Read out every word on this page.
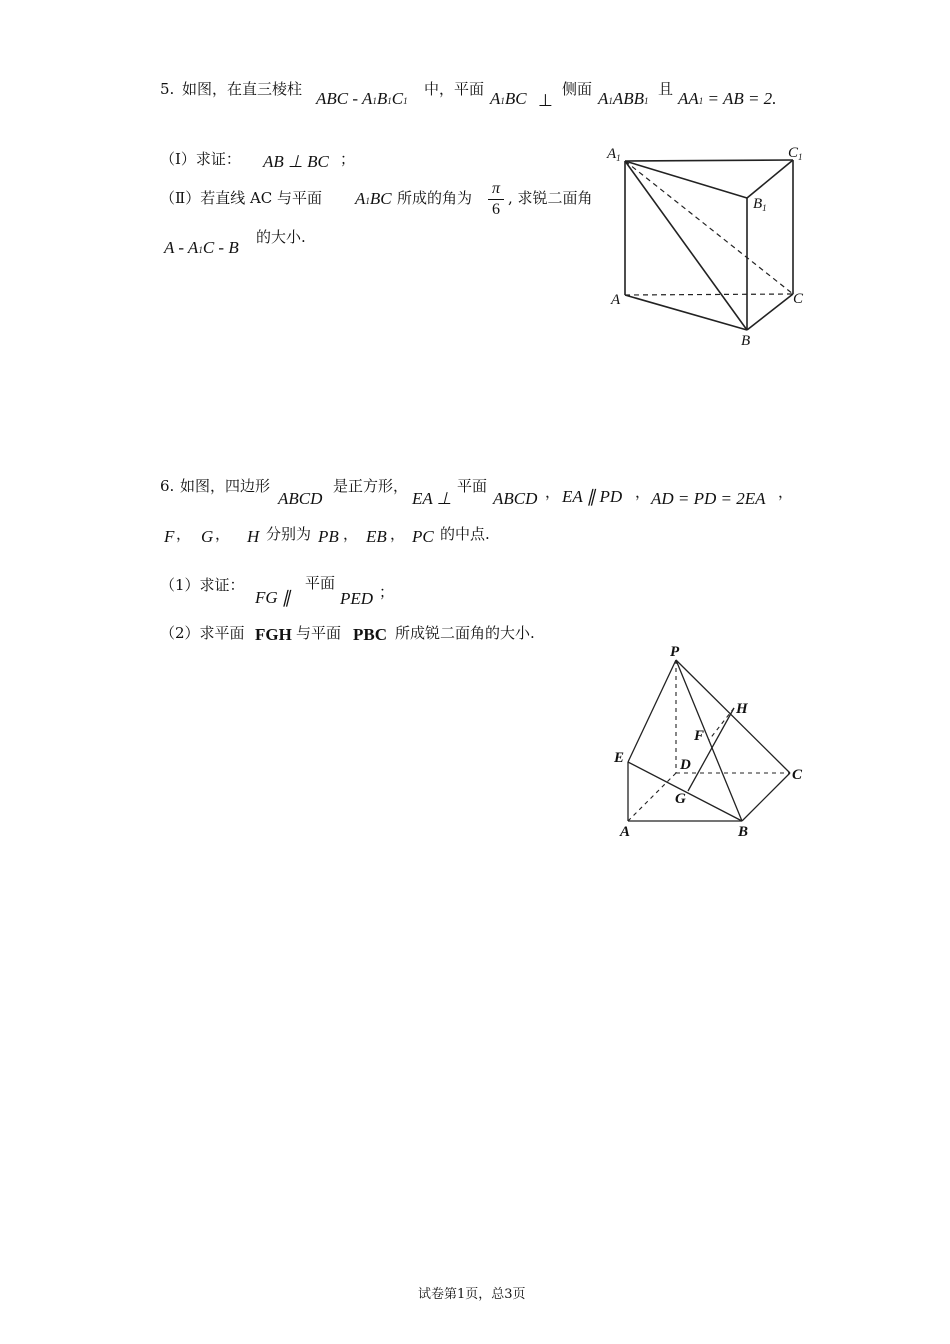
5. 如图，在直三棱柱 ABC - A1B1C1
中，平面 A1BC ⊥
侧面 A1ABB1
且 AA1 = AB = 2.
（Ⅰ）求证： AB ⊥ BC ；
（Ⅱ）若直线 AC 与平面 A1BC 所成的角为
π
6
, 求锐二面角
A - A1C - B
的大小.
$A_1$	$C_1$
$B_1$
A
B
C
6. 如图，四边形
ABCD
是正方形，
EA ⊥
平面
ABCD ， EA ∥ PD ， AD = PD = 2EA ，
F ， G ， H 分别为 PB ， EB ， PC 的中点.
（1）求证：
FG ∥
平面
PED ；
（2）求平面 FGH 与平面 PBC 所成锐二面角的大小.
P
H
F
E	D
C
G
A	B
试卷第1页，总3页
